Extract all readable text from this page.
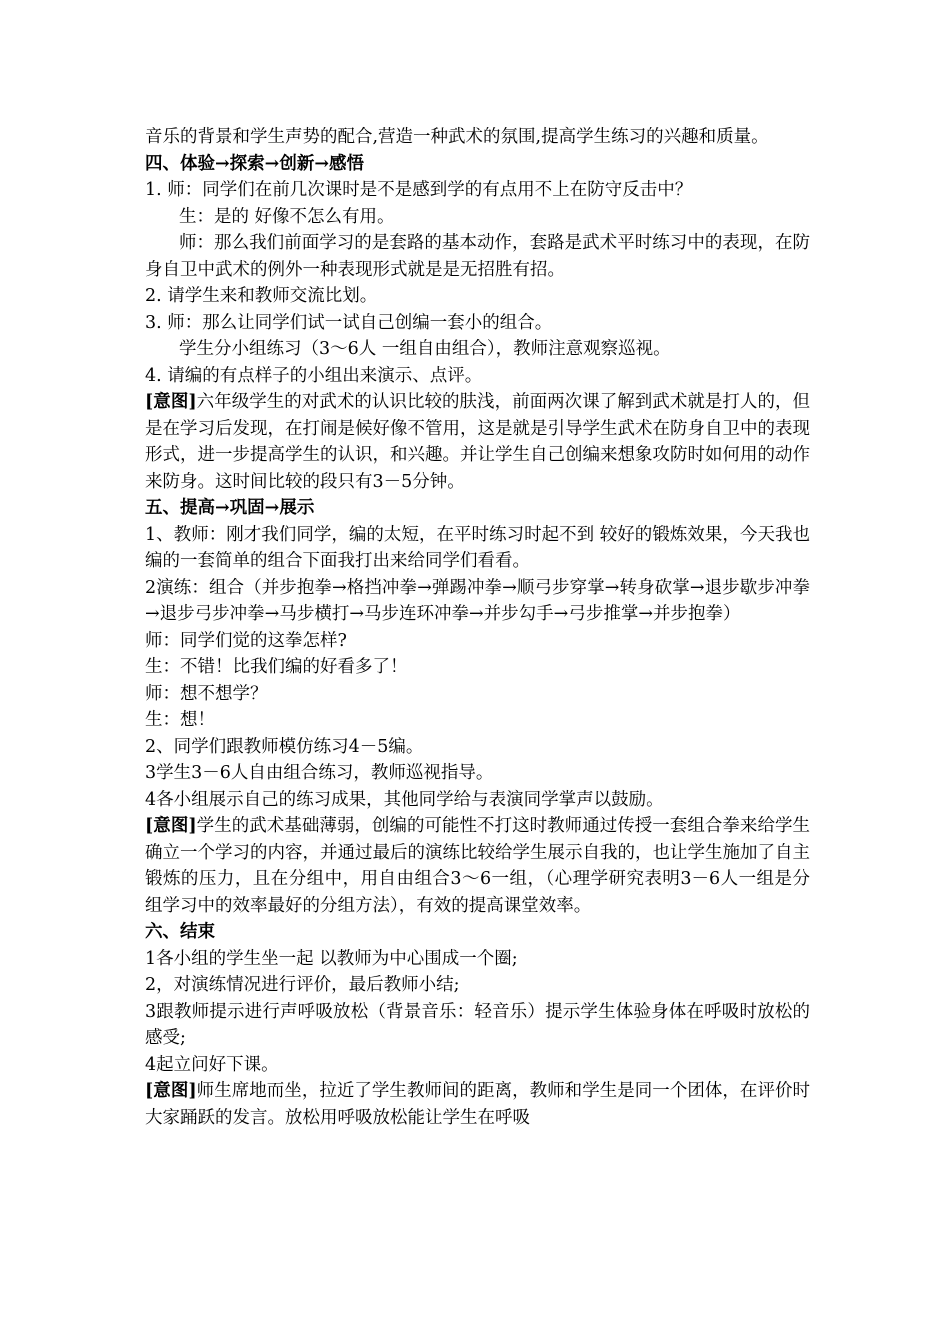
音乐的背景和学生声势的配合,营造一种武术的氛围,提高学生练习的兴趣和质量。

四、体验→探索→创新→感悟

1. 师：同学们在前几次课时是不是感到学的有点用不上在防守反击中？

生：是的 好像不怎么有用。

师：那么我们前面学习的是套路的基本动作，套路是武术平时练习中的表现，在防身自卫中武术的例外一种表现形式就是是无招胜有招。

2. 请学生来和教师交流比划。

3. 师：那么让同学们试一试自己创编一套小的组合。

学生分小组练习（3～6人 一组自由组合），教师注意观察巡视。

4. 请编的有点样子的小组出来演示、点评。

[意图]六年级学生的对武术的认识比较的肤浅，前面两次课了解到武术就是打人的，但是在学习后发现，在打闹是候好像不管用，这是就是引导学生武术在防身自卫中的表现形式，进一步提高学生的认识，和兴趣。并让学生自己创编来想象攻防时如何用的动作来防身。这时间比较的段只有3－5分钟。

五、提高→巩固→展示

1、教师：刚才我们同学，编的太短，在平时练习时起不到 较好的锻炼效果，今天我也编的一套简单的组合下面我打出来给同学们看看。

2演练：组合（并步抱拳→格挡冲拳→弹踢冲拳→顺弓步穿掌→转身砍掌→退步歇步冲拳→退步弓步冲拳→马步横打→马步连环冲拳→并步勾手→弓步推掌→并步抱拳）

师：同学们觉的这拳怎样?

生：不错！比我们编的好看多了！

师：想不想学？

生：想！

2、同学们跟教师模仿练习4－5编。

3学生3－6人自由组合练习，教师巡视指导。

4各小组展示自己的练习成果，其他同学给与表演同学掌声以鼓励。

[意图]学生的武术基础薄弱，创编的可能性不打这时教师通过传授一套组合拳来给学生确立一个学习的内容，并通过最后的演练比较给学生展示自我的，也让学生施加了自主锻炼的压力，且在分组中，用自由组合3～6一组，（心理学研究表明3－6人一组是分组学习中的效率最好的分组方法），有效的提高课堂效率。

六、结束

1各小组的学生坐一起 以教师为中心围成一个圈;

2，对演练情况进行评价，最后教师小结;

3跟教师提示进行声呼吸放松（背景音乐：轻音乐）提示学生体验身体在呼吸时放松的感受;

4起立问好下课。

[意图]师生席地而坐，拉近了学生教师间的距离，教师和学生是同一个团体，在评价时大家踊跃的发言。放松用呼吸放松能让学生在呼吸
